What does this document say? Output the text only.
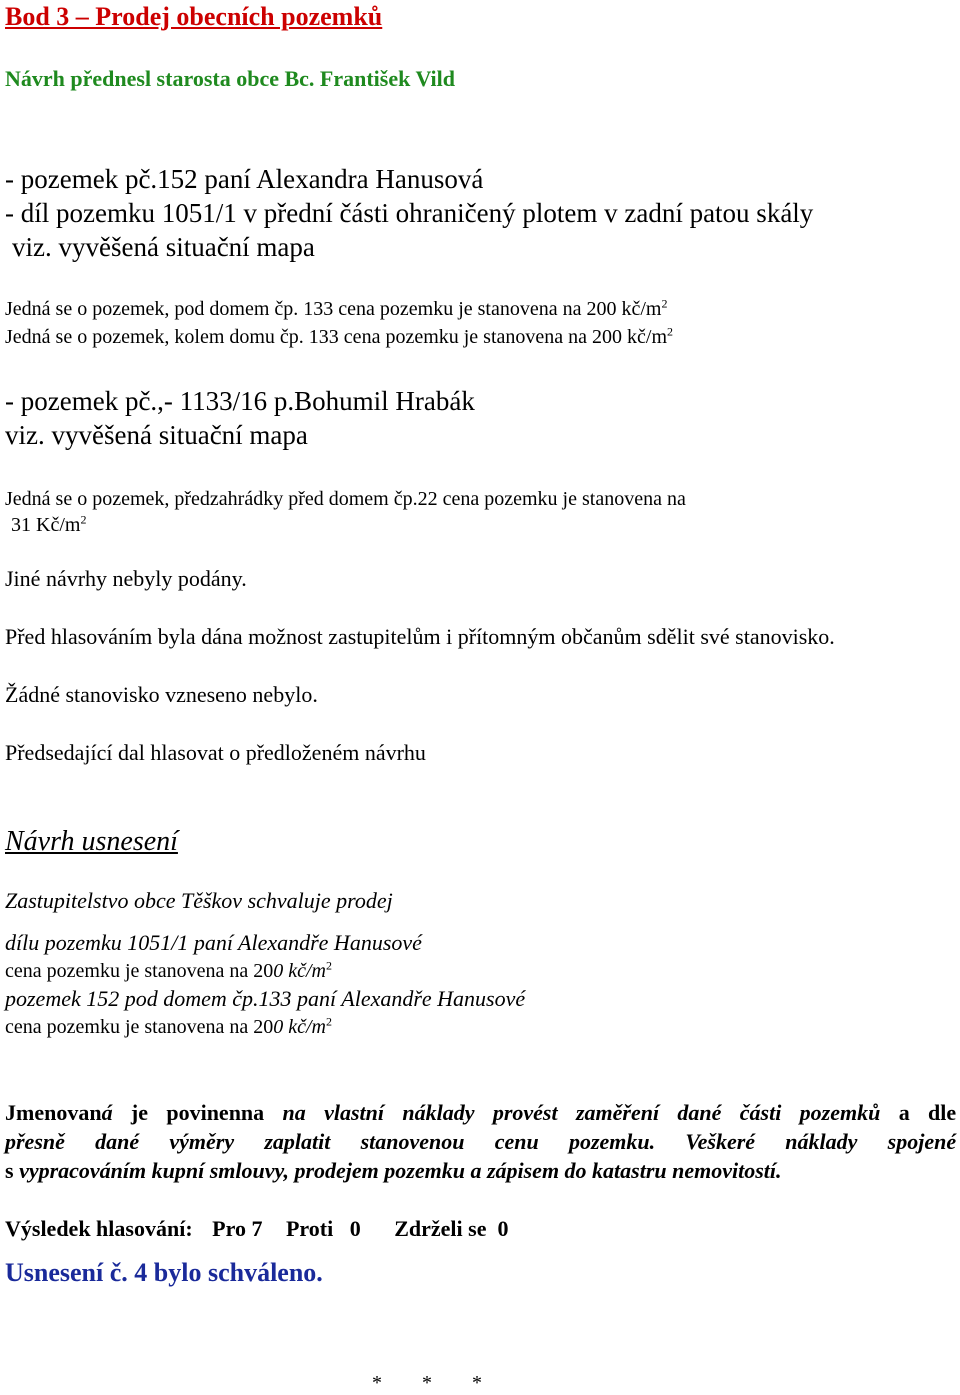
Bod 3 – Prodej obecních pozemků
Návrh přednesl starosta obce Bc. František Vild
- pozemek pč.152 paní Alexandra Hanusová
- díl pozemku 1051/1 v přední části ohraničený plotem v zadní patou skály
viz. vyvěšená situační mapa
Jedná se o pozemek, pod domem čp. 133 cena pozemku je stanovena na 200 $kč/m^2$
Jedná se o pozemek, kolem domu čp. 133 cena pozemku je stanovena na 200 $kč/m^2$
- pozemek pč.,- 1133/16 p.Bohumil Hrabák
viz. vyvěšená situační mapa
Jedná se o pozemek, předzahrádky před domem čp.22 cena pozemku je stanovena na
31 $Kč/m^2$
Jiné návrhy nebyly podány.
Před hlasováním byla dána možnost zastupitelům i přítomným občanům sdělit své stanovisko.
Žádné stanovisko vzneseno nebylo.
Předsedající dal hlasovat o předloženém návrhu
Návrh usnesení
Zastupitelstvo obce Těškov schvaluje prodej
dílu pozemku 1051/1 paní Alexandře Hanusové
cena pozemku je stanovena na 200 $kč/m^2$
pozemek 152 pod domem čp.133 paní Alexandře Hanusové
cena pozemku je stanovena na 200 $kč/m^2$
Jmenovaná je povinenna na vlastní náklady provést zaměření dané části pozemků a dle
přesně dané výměry zaplatit stanovenou cenu pozemku. Veškeré náklady spojené
s vypracováním kupní smlouvy, prodejem pozemku a zápisem do katastru nemovitostí.
Výsledek hlasování: Pro 7 Proti   0 Zdrželi se  0
Usnesení č. 4 bylo schváleno.
*        *        *
